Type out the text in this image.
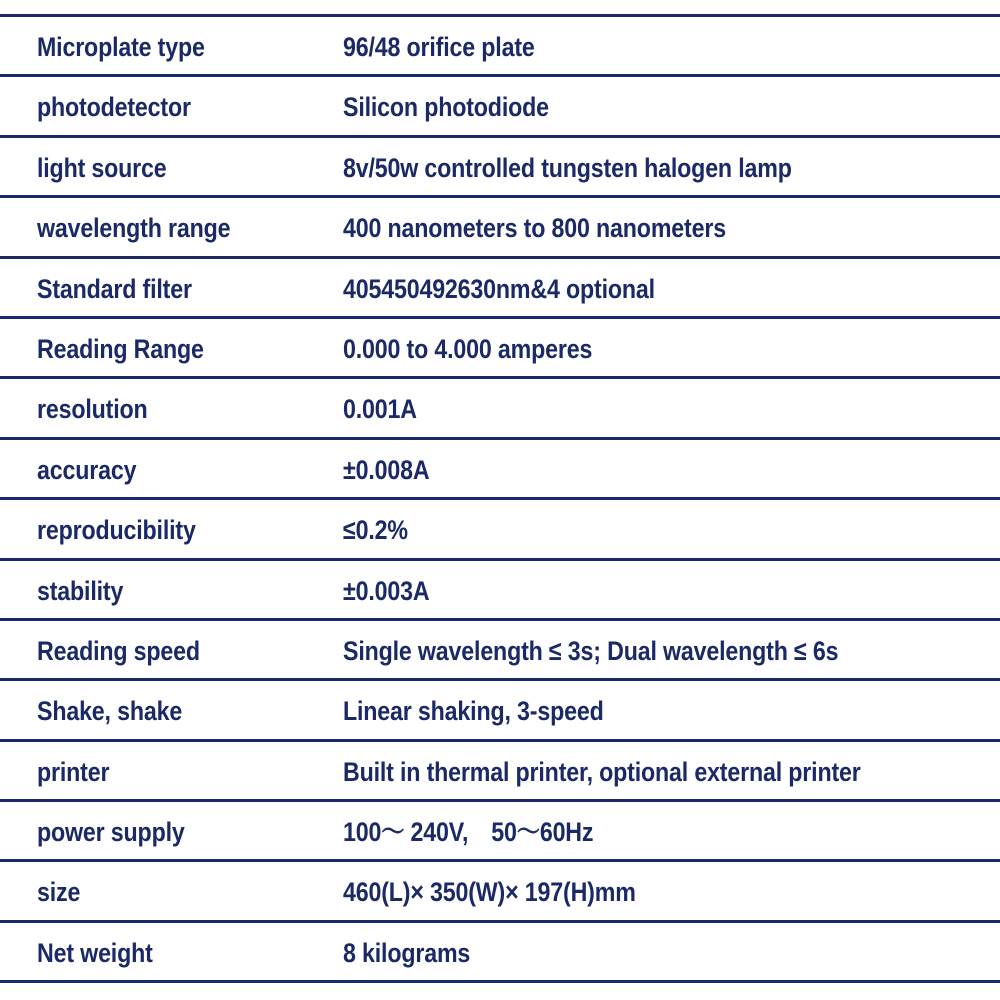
Microplate type	96/48 orifice plate
photodetector	Silicon photodiode
light source	8v/50w controlled tungsten halogen lamp
wavelength range	400 nanometers to 800 nanometers
Standard filter	405450492630nm&4 optional
Reading Range	0.000 to 4.000 amperes
resolution	0.001A
accuracy	±0.008A
reproducibility	≤0.2%
stability	±0.003A
Reading speed	Single wavelength ≤ 3s; Dual wavelength ≤ 6s
Shake, shake	Linear shaking, 3-speed
printer	Built in thermal printer, optional external printer
power supply	100～ 240V,　50～60Hz
size	460(L)× 350(W)× 197(H)mm
Net weight	8 kilograms
